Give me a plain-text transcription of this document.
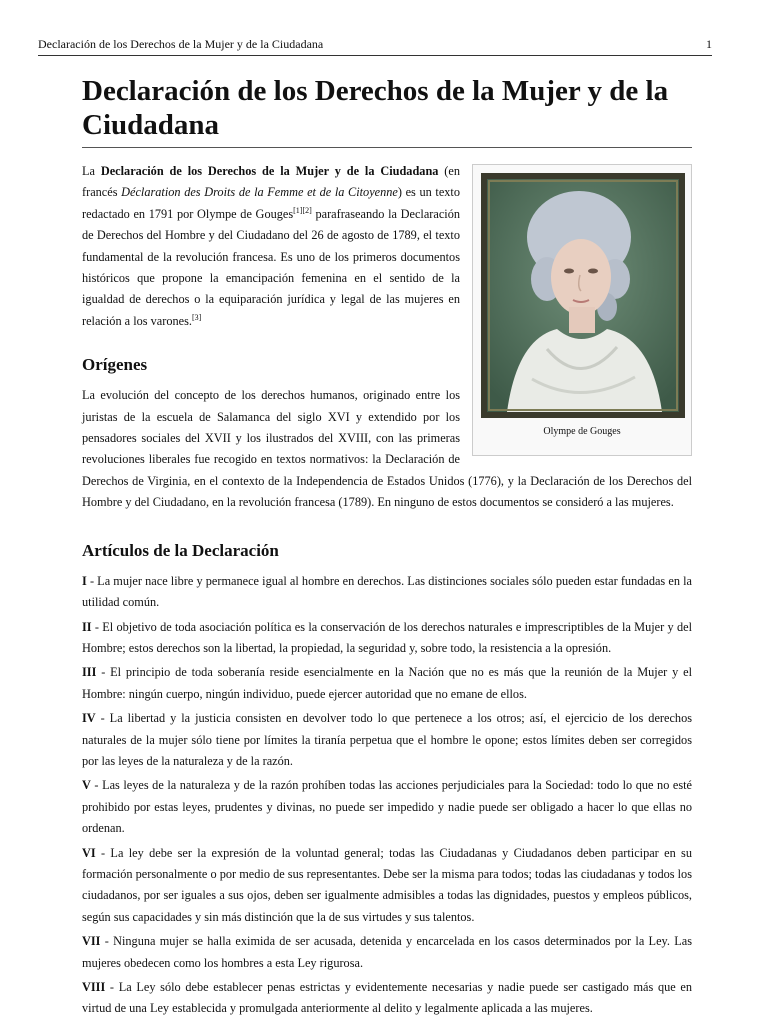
Declaración de los Derechos de la Mujer y de la Ciudadana	1
Declaración de los Derechos de la Mujer y de la Ciudadana
Olympe de Gouges

La Declaración de los Derechos de la Mujer y de la Ciudadana (en francés Déclaration des Droits de la Femme et de la Citoyenne) es un texto redactado en 1791 por Olympe de Gouges[1][2] parafraseando la Declaración de Derechos del Hombre y del Ciudadano del 26 de agosto de 1789, el texto fundamental de la revolución francesa. Es uno de los primeros documentos históricos que propone la emancipación femenina en el sentido de la igualdad de derechos o la equiparación jurídica y legal de las mujeres en relación a los varones.[3]

Orígenes

La evolución del concepto de los derechos humanos, originado entre los juristas de la escuela de Salamanca del siglo XVI y extendido por los pensadores sociales del XVII y los ilustrados del XVIII, con las primeras revoluciones liberales fue recogido en textos normativos: la Declaración de Derechos de Virginia, en el contexto de la Independencia de Estados Unidos (1776), y la Declaración de los Derechos del Hombre y del Ciudadano, en la revolución francesa (1789). En ninguno de estos documentos se consideró a las mujeres.

Artículos de la Declaración

I - La mujer nace libre y permanece igual al hombre en derechos. Las distinciones sociales sólo pueden estar fundadas en la utilidad común.

II - El objetivo de toda asociación política es la conservación de los derechos naturales e imprescriptibles de la Mujer y del Hombre; estos derechos son la libertad, la propiedad, la seguridad y, sobre todo, la resistencia a la opresión.

III - El principio de toda soberanía reside esencialmente en la Nación que no es más que la reunión de la Mujer y el Hombre: ningún cuerpo, ningún individuo, puede ejercer autoridad que no emane de ellos.

IV - La libertad y la justicia consisten en devolver todo lo que pertenece a los otros; así, el ejercicio de los derechos naturales de la mujer sólo tiene por límites la tiranía perpetua que el hombre le opone; estos límites deben ser corregidos por las leyes de la naturaleza y de la razón.

V - Las leyes de la naturaleza y de la razón prohíben todas las acciones perjudiciales para la Sociedad: todo lo que no esté prohibido por estas leyes, prudentes y divinas, no puede ser impedido y nadie puede ser obligado a hacer lo que ellas no ordenan.

VI - La ley debe ser la expresión de la voluntad general; todas las Ciudadanas y Ciudadanos deben participar en su formación personalmente o por medio de sus representantes. Debe ser la misma para todos; todas las ciudadanas y todos los ciudadanos, por ser iguales a sus ojos, deben ser igualmente admisibles a todas las dignidades, puestos y empleos públicos, según sus capacidades y sin más distinción que la de sus virtudes y sus talentos.

VII - Ninguna mujer se halla eximida de ser acusada, detenida y encarcelada en los casos determinados por la Ley. Las mujeres obedecen como los hombres a esta Ley rigurosa.

VIII - La Ley sólo debe establecer penas estrictas y evidentemente necesarias y nadie puede ser castigado más que en virtud de una Ley establecida y promulgada anteriormente al delito y legalmente aplicada a las mujeres.
